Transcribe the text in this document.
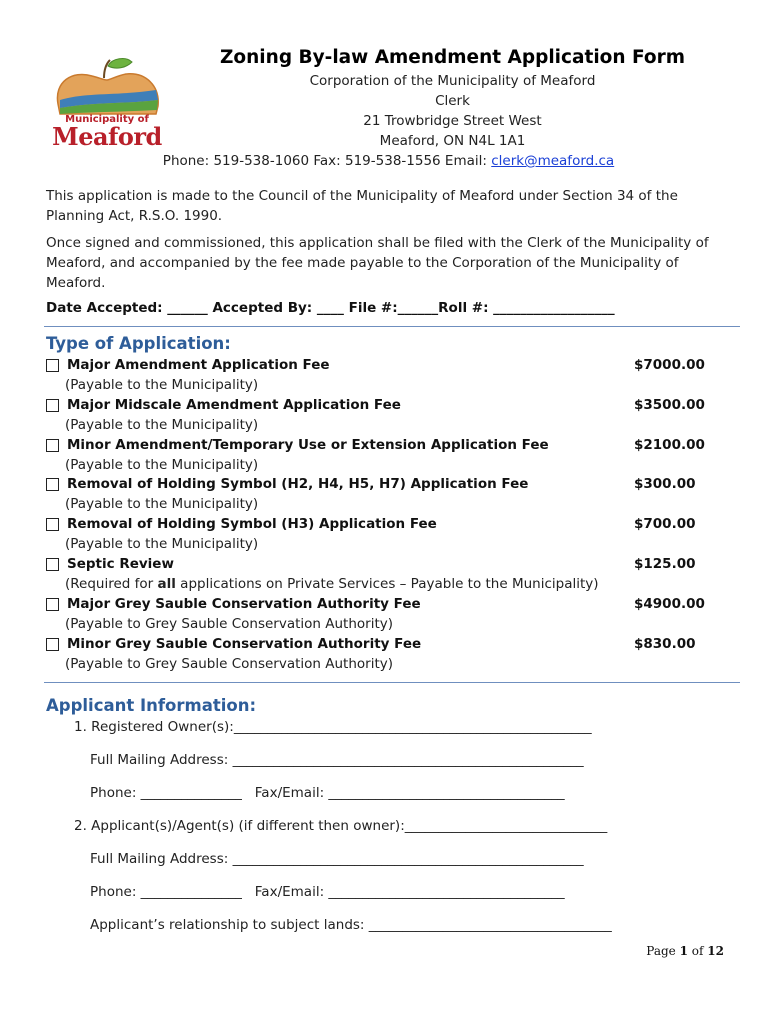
Municipality of
Meaford
Zoning By-law Amendment Application Form
Corporation of the Municipality of Meaford
Clerk
21 Trowbridge Street West
Meaford, ON N4L 1A1
Phone: 519-538-1060 Fax: 519-538-1556 Email: clerk@meaford.ca
This application is made to the Council of the Municipality of Meaford under Section 34 of the Planning Act, R.S.O. 1990.
Once signed and commissioned, this application shall be filed with the Clerk of the Municipality of Meaford, and accompanied by the fee made payable to the Corporation of the Municipality of Meaford.
Date Accepted: ______ Accepted By: ____ File #:______Roll #: __________________
Type of Application:
Major Amendment Application Fee	$7000.00
(Payable to the Municipality)
Major Midscale Amendment Application Fee	$3500.00
(Payable to the Municipality)
Minor Amendment/Temporary Use or Extension Application Fee	$2100.00
(Payable to the Municipality)
Removal of Holding Symbol (H2, H4, H5, H7) Application Fee	$300.00
(Payable to the Municipality)
Removal of Holding Symbol (H3) Application Fee	$700.00
(Payable to the Municipality)
Septic Review	$125.00
(Required for all applications on Private Services – Payable to the Municipality)
Major Grey Sauble Conservation Authority Fee	$4900.00
(Payable to Grey Sauble Conservation Authority)
Minor Grey Sauble Conservation Authority Fee	$830.00
(Payable to Grey Sauble Conservation Authority)
Applicant Information:
1. Registered Owner(s):_____________________________________________________
Full Mailing Address: ____________________________________________________
Phone: _______________   Fax/Email: ___________________________________
2. Applicant(s)/Agent(s) (if different then owner):______________________________
Full Mailing Address: ____________________________________________________
Phone: _______________   Fax/Email: ___________________________________
Applicant’s relationship to subject lands: ____________________________________
Page 1 of 12
